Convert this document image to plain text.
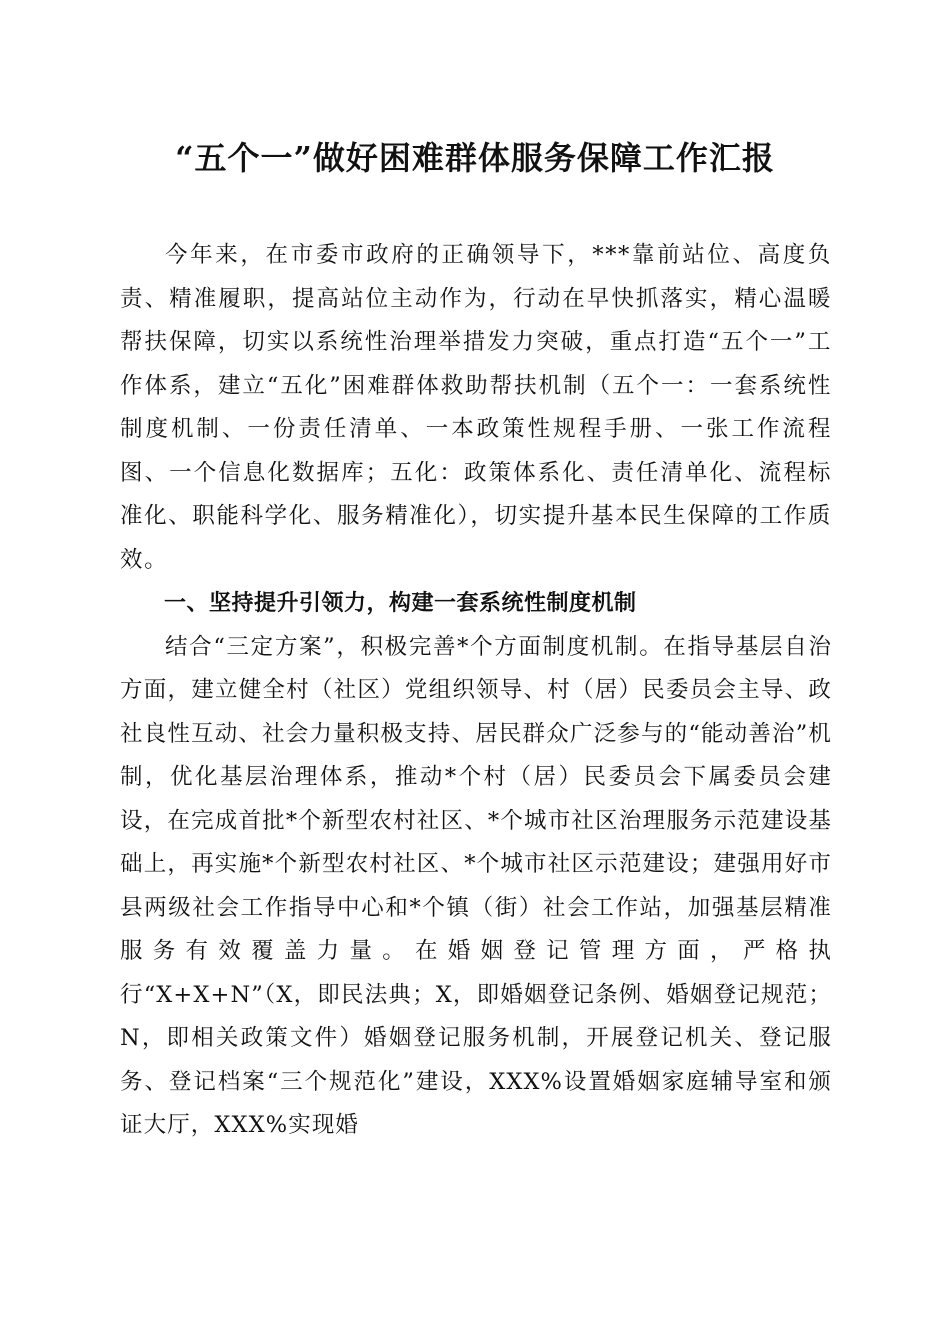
“五个一”做好困难群体服务保障工作汇报

今年来，在市委市政府的正确领导下，***靠前站位、高度负责、精准履职，提高站位主动作为，行动在早快抓落实，精心温暖帮扶保障，切实以系统性治理举措发力突破，重点打造“五个一”工作体系，建立“五化”困难群体救助帮扶机制（五个一：一套系统性制度机制、一份责任清单、一本政策性规程手册、一张工作流程图、一个信息化数据库；五化：政策体系化、责任清单化、流程标准化、职能科学化、服务精准化），切实提升基本民生保障的工作质效。

一、坚持提升引领力，构建一套系统性制度机制

结合“三定方案”，积极完善*个方面制度机制。在指导基层自治方面，建立健全村（社区）党组织领导、村（居）民委员会主导、政社良性互动、社会力量积极支持、居民群众广泛参与的“能动善治”机制，优化基层治理体系，推动*个村（居）民委员会下属委员会建设，在完成首批*个新型农村社区、*个城市社区治理服务示范建设基础上，再实施*个新型农村社区、*个城市社区示范建设；建强用好市县两级社会工作指导中心和*个镇（街）社会工作站，加强基层精准服务有效覆盖力量。在婚姻登记管理方面，严格执行“X+X+N”（X，即民法典；X，即婚姻登记条例、婚姻登记规范；N，即相关政策文件）婚姻登记服务机制，开展登记机关、登记服务、登记档案“三个规范化”建设，XXX%设置婚姻家庭辅导室和颁证大厅，XXX%实现婚
